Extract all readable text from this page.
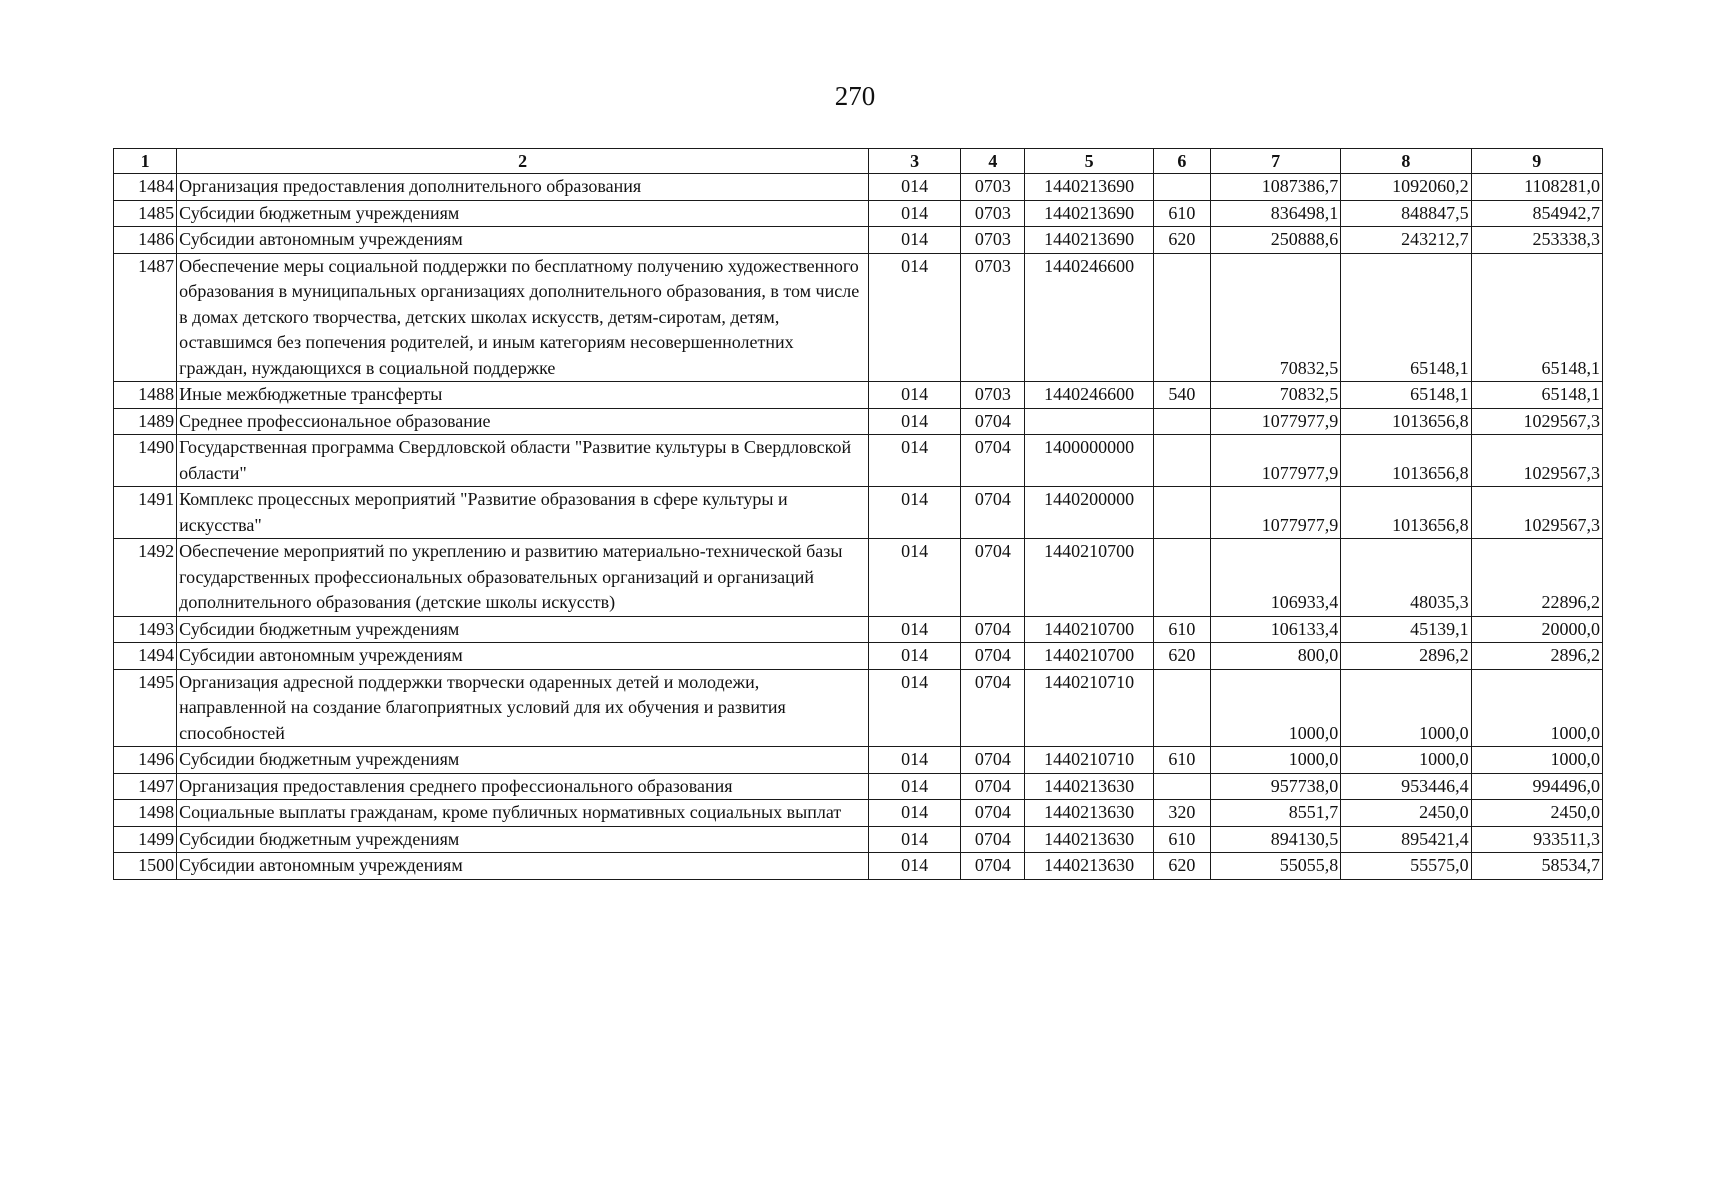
270
1	2	3	4	5	6	7	8	9
1484	Организация предоставления дополнительного образования	014	0703	1440213690		1087386,7	1092060,2	1108281,0
1485	Субсидии бюджетным учреждениям	014	0703	1440213690	610	836498,1	848847,5	854942,7
1486	Субсидии автономным учреждениям	014	0703	1440213690	620	250888,6	243212,7	253338,3
1487	Обеспечение меры социальной поддержки по бесплатному получению художественного образования в муниципальных организациях дополнительного образования, в том числе в домах детского творчества, детских школах искусств, детям-сиротам, детям, оставшимся без попечения родителей, и иным категориям несовершеннолетних граждан, нуждающихся в социальной поддержке	014	0703	1440246600		70832,5	65148,1	65148,1
1488	Иные межбюджетные трансферты	014	0703	1440246600	540	70832,5	65148,1	65148,1
1489	Среднее профессиональное образование	014	0704			1077977,9	1013656,8	1029567,3
1490	Государственная программа Свердловской области "Развитие культуры в Свердловской области"	014	0704	1400000000		1077977,9	1013656,8	1029567,3
1491	Комплекс процессных мероприятий "Развитие образования в сфере культуры и искусства"	014	0704	1440200000		1077977,9	1013656,8	1029567,3
1492	Обеспечение мероприятий по укреплению и развитию материально-технической базы государственных профессиональных образовательных организаций и организаций дополнительного образования (детские школы искусств)	014	0704	1440210700		106933,4	48035,3	22896,2
1493	Субсидии бюджетным учреждениям	014	0704	1440210700	610	106133,4	45139,1	20000,0
1494	Субсидии автономным учреждениям	014	0704	1440210700	620	800,0	2896,2	2896,2
1495	Организация адресной поддержки творчески одаренных детей и молодежи, направленной на создание благоприятных условий для их обучения и развития способностей	014	0704	1440210710		1000,0	1000,0	1000,0
1496	Субсидии бюджетным учреждениям	014	0704	1440210710	610	1000,0	1000,0	1000,0
1497	Организация предоставления среднего профессионального образования	014	0704	1440213630		957738,0	953446,4	994496,0
1498	Социальные выплаты гражданам, кроме публичных нормативных социальных выплат	014	0704	1440213630	320	8551,7	2450,0	2450,0
1499	Субсидии бюджетным учреждениям	014	0704	1440213630	610	894130,5	895421,4	933511,3
1500	Субсидии автономным учреждениям	014	0704	1440213630	620	55055,8	55575,0	58534,7
